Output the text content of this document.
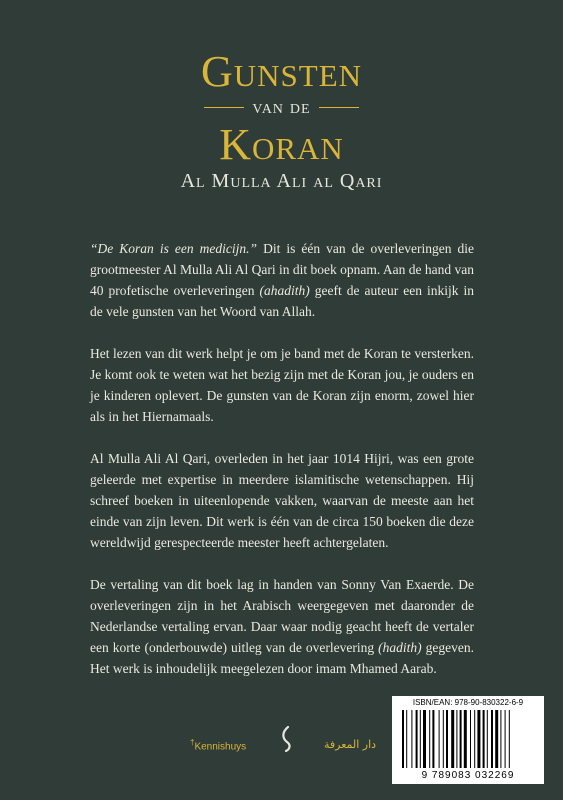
Gunsten
van de
Koran
Al Mulla Ali al Qari

“De Koran is een medicijn.” Dit is één van de overleveringen die grootmeester Al Mulla Ali Al Qari in dit boek opnam. Aan de hand van 40 profetische overleveringen (ahadith) geeft de auteur een inkijk in de vele gunsten van het Woord van Allah.

Het lezen van dit werk helpt je om je band met de Koran te versterken. Je komt ook te weten wat het bezig zijn met de Koran jou, je ouders en je kinderen oplevert. De gunsten van de Koran zijn enorm, zowel hier als in het Hiernamaals.

Al Mulla Ali Al Qari, overleden in het jaar 1014 Hijri, was een grote geleerde met expertise in meerdere islamitische wetenschappen. Hij schreef boeken in uiteenlopende vakken, waarvan de meeste aan het einde van zijn leven. Dit werk is één van de circa 150 boeken die deze wereldwijd gerespecteerde meester heeft achtergelaten.

De vertaling van dit boek lag in handen van Sonny Van Exaerde. De overleveringen zijn in het Arabisch weergegeven met daaronder de Nederlandse vertaling ervan. Daar waar nodig geacht heeft de vertaler een korte (onderbouwde) uitleg van de overlevering (hadith) gegeven. Het werk is inhoudelijk meegelezen door imam Mhamed Aarab.

†Kennishuys	دار المعرفة
ISBN/EAN: 978-90-830322-6-9
9 789083 032269
